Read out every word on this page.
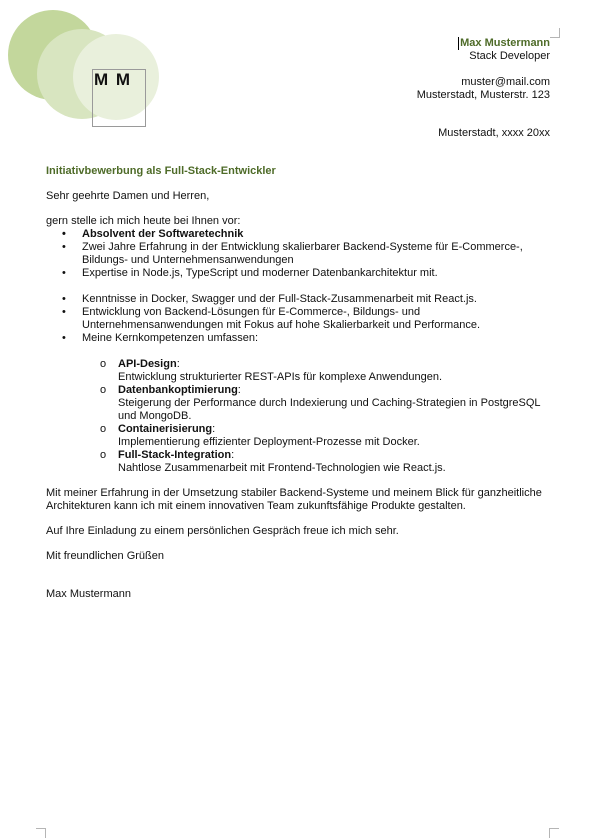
M M
Max Mustermann
Stack Developer
muster@mail.com
Musterstadt, Musterstr. 123
Musterstadt, xxxx 20xx
Initiativbewerbung als Full-Stack-Entwickler
Sehr geehrte Damen und Herren,
gern stelle ich mich heute bei Ihnen vor:
• Absolvent der Softwaretechnik
• Zwei Jahre Erfahrung in der Entwicklung skalierbarer Backend-Systeme für E-Commerce-, Bildungs- und Unternehmensanwendungen
• Expertise in Node.js, TypeScript und moderner Datenbankarchitektur mit.
• Kenntnisse in Docker, Swagger und der Full-Stack-Zusammenarbeit mit React.js.
• Entwicklung von Backend-Lösungen für E-Commerce-, Bildungs- und Unternehmensanwendungen mit Fokus auf hohe Skalierbarkeit und Performance.
• Meine Kernkompetenzen umfassen:
o API-Design:
Entwicklung strukturierter REST-APIs für komplexe Anwendungen.
o Datenbankoptimierung:
Steigerung der Performance durch Indexierung und Caching-Strategien in PostgreSQL und MongoDB.
o Containerisierung:
Implementierung effizienter Deployment-Prozesse mit Docker.
o Full-Stack-Integration:
Nahtlose Zusammenarbeit mit Frontend-Technologien wie React.js.
Mit meiner Erfahrung in der Umsetzung stabiler Backend-Systeme und meinem Blick für ganzheitliche Architekturen kann ich mit einem innovativen Team zukunftsfähige Produkte gestalten.
Auf Ihre Einladung zu einem persönlichen Gespräch freue ich mich sehr.
Mit freundlichen Grüßen
Max Mustermann
